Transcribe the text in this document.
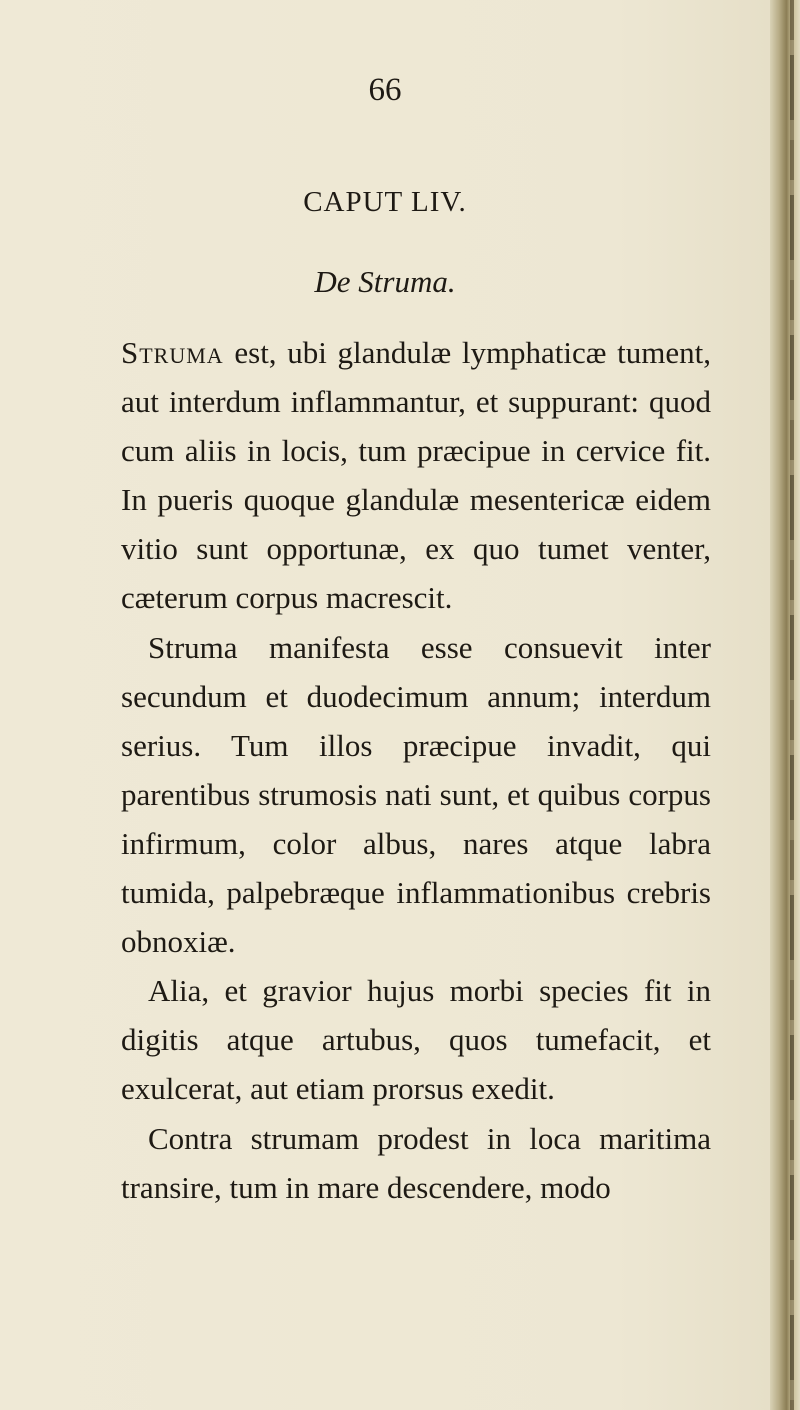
66
CAPUT LIV.
De Struma.

Struma est, ubi glandulæ lymphaticæ tument, aut interdum inflammantur, et suppurant: quod cum aliis in locis, tum præcipue in cervice fit. In pueris quoque glandulæ mesentericæ eidem vitio sunt opportunæ, ex quo tumet venter, cæterum corpus macrescit.

Struma manifesta esse consuevit inter secundum et duodecimum annum; interdum serius. Tum illos præcipue invadit, qui parentibus strumosis nati sunt, et quibus corpus infirmum, color albus, nares atque labra tumida, palpebræque inflammationibus crebris obnoxiæ.

Alia, et gravior hujus morbi species fit in digitis atque artubus, quos tumefacit, et exulcerat, aut etiam prorsus exedit.

Contra strumam prodest in loca maritima transire, tum in mare descendere, modo
